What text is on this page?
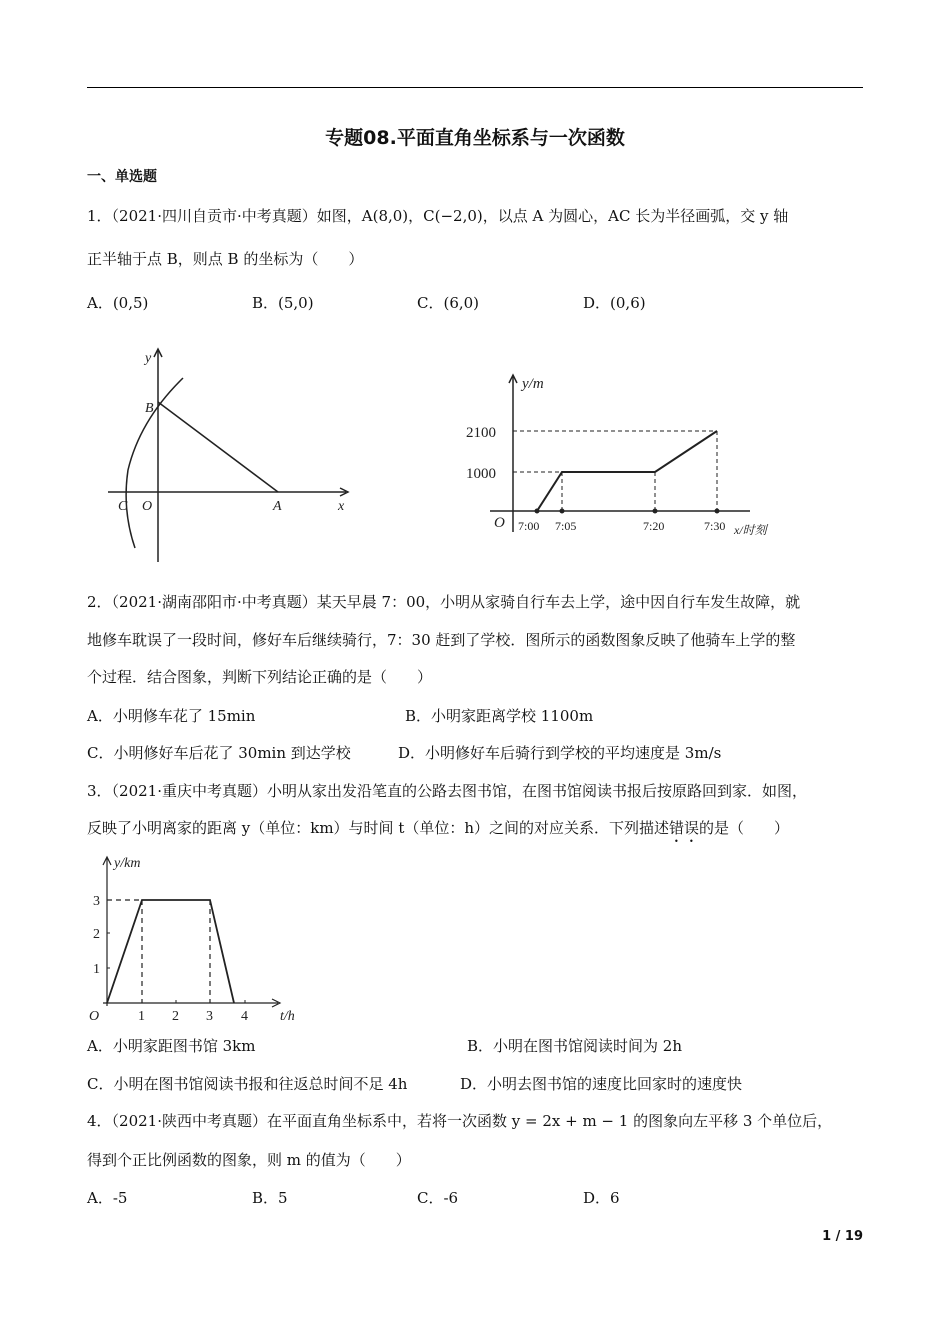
专题08.平面直角坐标系与一次函数
一、单选题
1．（2021·四川自贡市·中考真题）如图，A(8,0)，C(−2,0)，以点 A 为圆心，AC 长为半径画弧，交 y 轴
正半轴于点 B，则点 B 的坐标为（　　）
A．(0,5)	B．(5,0)	C．(6,0)	D．(0,6)
y
B
C O	A	x
y/m
2100
1000
O 7:00 7:05	7:20	7:30 x/时刻
y/km
1
2
3
O	1 2 3 4 t/h
2．（2021·湖南邵阳市·中考真题）某天早晨 7：00，小明从家骑自行车去上学，途中因自行车发生故障，就
地修车耽误了一段时间，修好车后继续骑行，7：30 赶到了学校．图所示的函数图象反映了他骑车上学的整
个过程．结合图象，判断下列结论正确的是（　　）
A．小明修车花了 15min	B．小明家距离学校 1100m
C．小明修好车后花了 30min 到达学校	D．小明修好车后骑行到学校的平均速度是 3m/s
3．（2021·重庆中考真题）小明从家出发沿笔直的公路去图书馆，在图书馆阅读书报后按原路回到家．如图，
反映了小明离家的距离 y（单位：km）与时间 t（单位：h）之间的对应关系．下列描述错误的是（　　）
A．小明家距图书馆 3km	B．小明在图书馆阅读时间为 2h
C．小明在图书馆阅读书报和往返总时间不足 4h	D．小明去图书馆的速度比回家时的速度快
4．（2021·陕西中考真题）在平面直角坐标系中，若将一次函数 y = 2x + m − 1 的图象向左平移 3 个单位后，
得到个正比例函数的图象，则 m 的值为（　　）
A．-5	B．5	C．-6	D．6
1 / 19
